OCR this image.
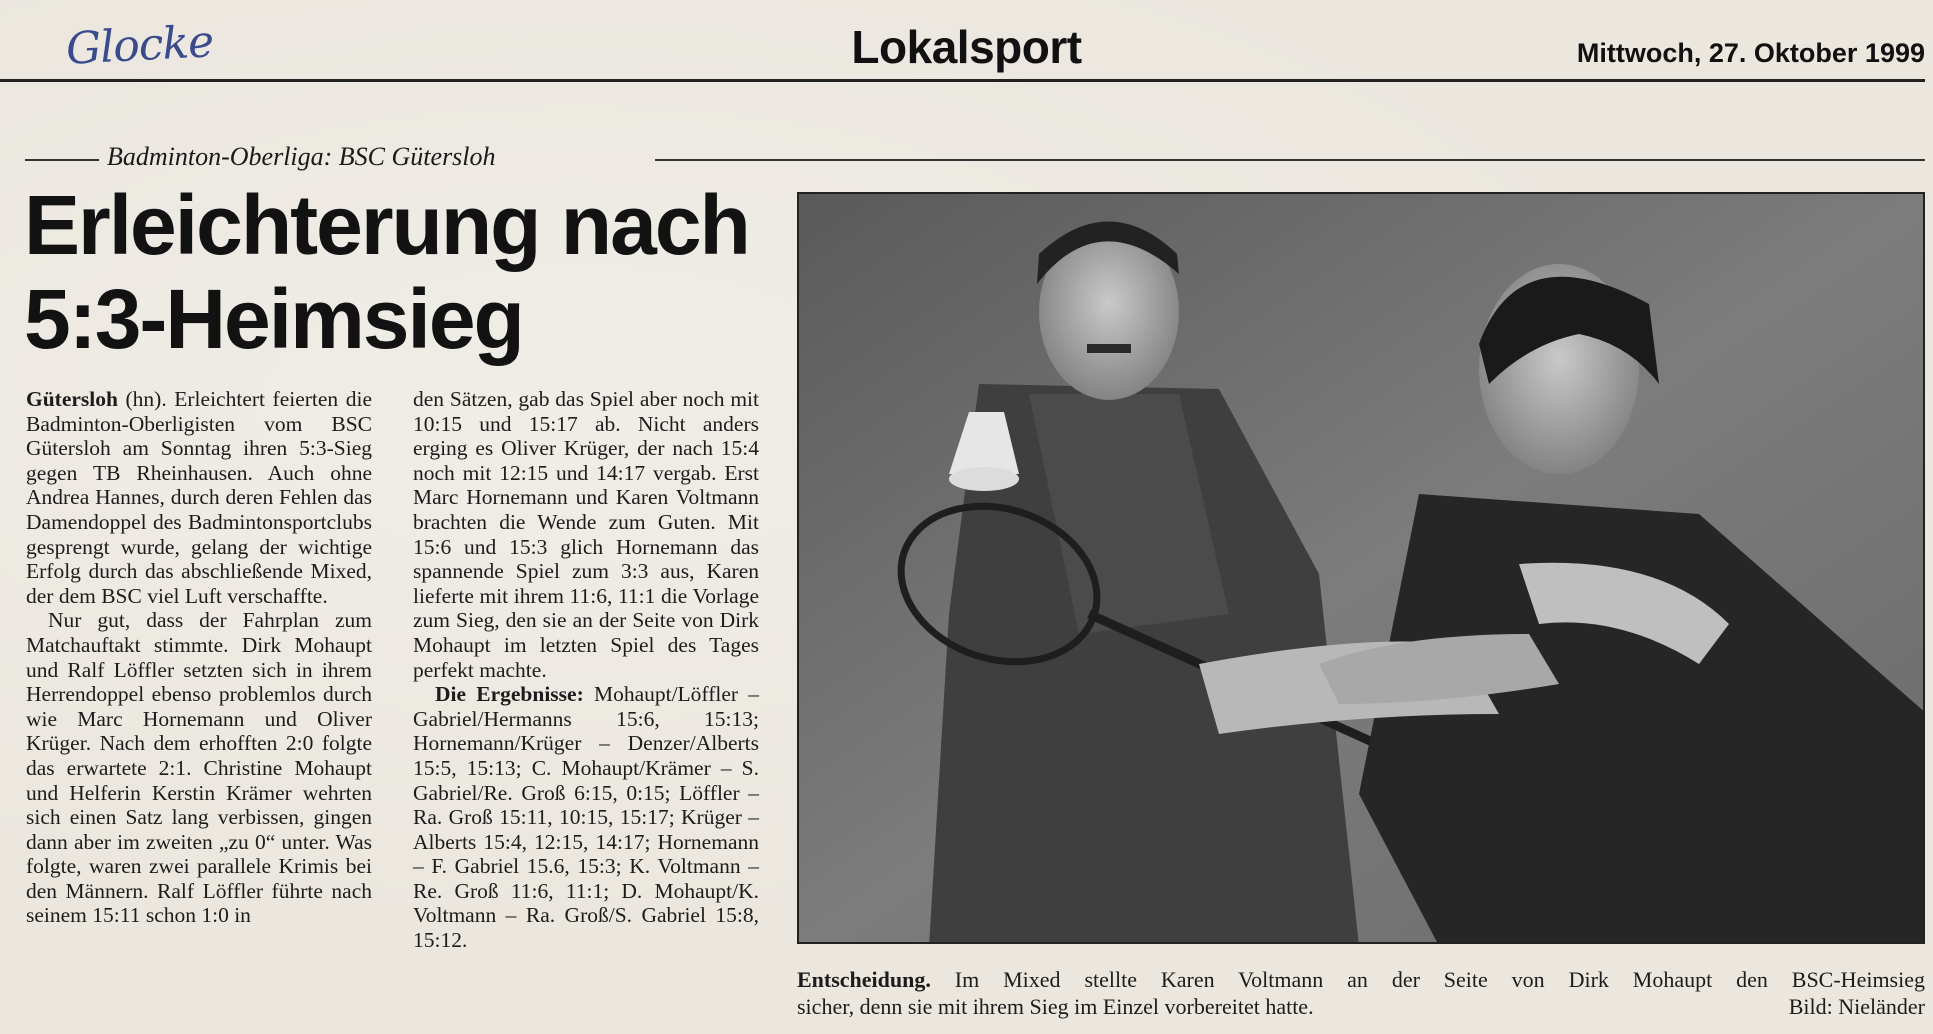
Glocke	Lokalsport	Mittwoch, 27. Oktober 1999
Badminton-Oberliga: BSC Gütersloh
Erleichterung nach
5:3-Heimsieg

Gütersloh (hn). Erleichtert feierten die Badminton-Oberligisten vom BSC Gütersloh am Sonntag ihren 5:3-Sieg gegen TB Rheinhausen. Auch ohne Andrea Hannes, durch deren Fehlen das Damendoppel des Badmintonsportclubs gesprengt wurde, gelang der wichtige Erfolg durch das abschließende Mixed, der dem BSC viel Luft verschaffte.

Nur gut, dass der Fahrplan zum Matchauftakt stimmte. Dirk Mohaupt und Ralf Löffler setzten sich in ihrem Herrendoppel ebenso problemlos durch wie Marc Hornemann und Oliver Krüger. Nach dem erhofften 2:0 folgte das erwartete 2:1. Christine Mohaupt und Helferin Kerstin Krämer wehrten sich einen Satz lang verbissen, gingen dann aber im zweiten „zu 0“ unter. Was folgte, waren zwei parallele Krimis bei den Männern. Ralf Löffler führte nach seinem 15:11 schon 1:0 in

den Sätzen, gab das Spiel aber noch mit 10:15 und 15:17 ab. Nicht anders erging es Oliver Krüger, der nach 15:4 noch mit 12:15 und 14:17 vergab. Erst Marc Hornemann und Karen Voltmann brachten die Wende zum Guten. Mit 15:6 und 15:3 glich Hornemann das spannende Spiel zum 3:3 aus, Karen lieferte mit ihrem 11:6, 11:1 die Vorlage zum Sieg, den sie an der Seite von Dirk Mohaupt im letzten Spiel des Tages perfekt machte.

Die Ergebnisse: Mohaupt/Löffler – Gabriel/Hermanns 15:6, 15:13; Hornemann/Krüger – Denzer/Alberts 15:5, 15:13; C. Mohaupt/Krämer – S. Gabriel/Re. Groß 6:15, 0:15; Löffler – Ra. Groß 15:11, 10:15, 15:17; Krüger – Alberts 15:4, 12:15, 14:17; Hornemann – F. Gabriel 15.6, 15:3; K. Voltmann – Re. Groß 11:6, 11:1; D. Mohaupt/K. Voltmann – Ra. Groß/S. Gabriel 15:8, 15:12.

Entscheidung. Im Mixed stellte Karen Voltmann an der Seite von Dirk Mohaupt den BSC-Heimsieg
sicher, denn sie mit ihrem Sieg im Einzel vorbereitet hatte.	Bild: Nieländer
